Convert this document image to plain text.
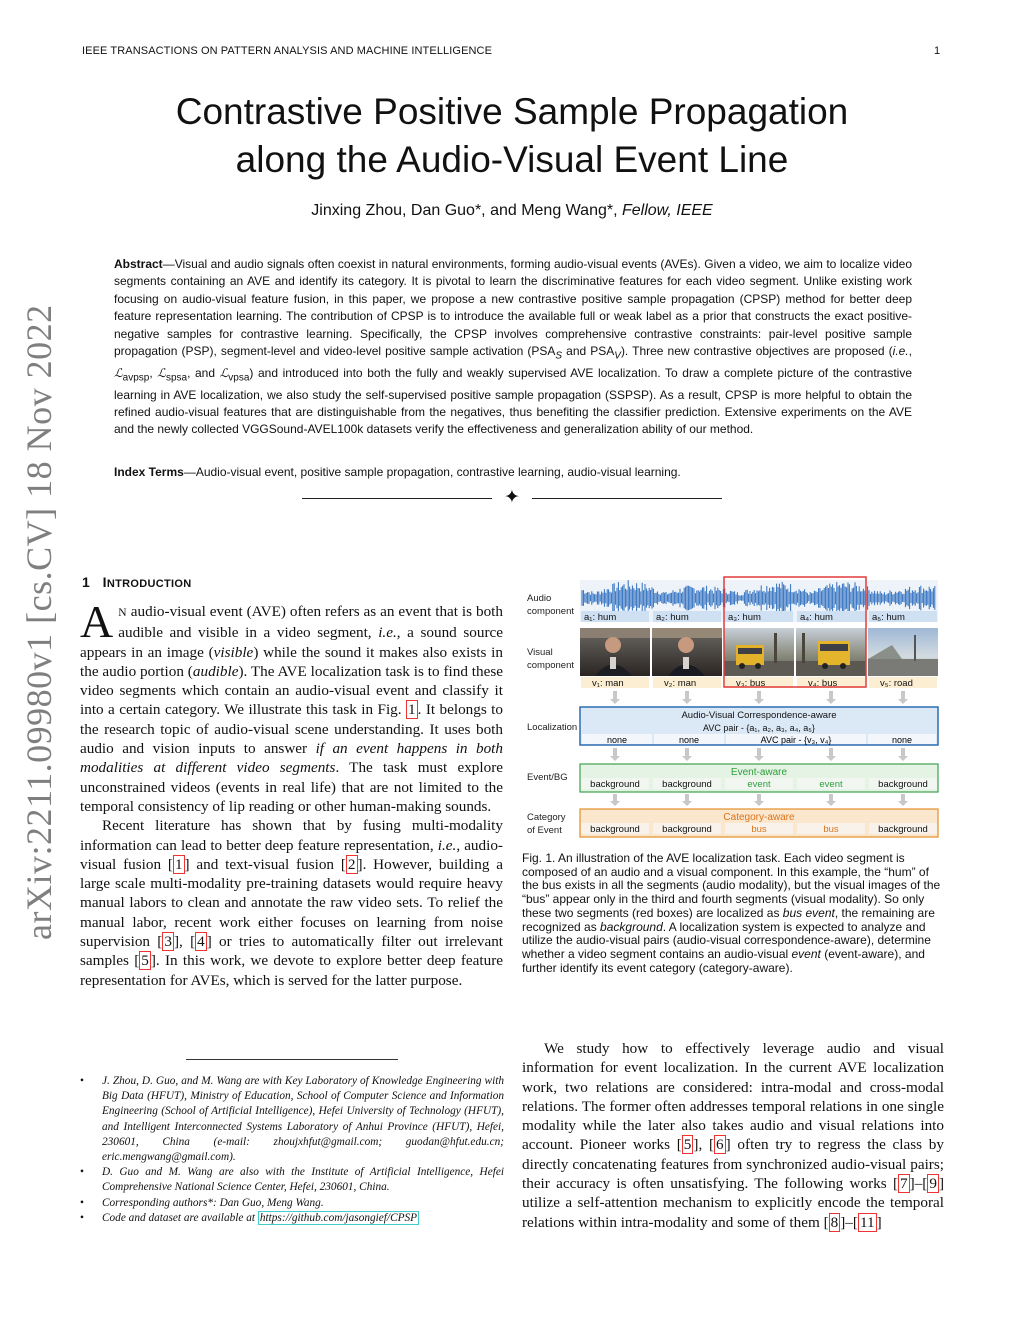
IEEE TRANSACTIONS ON PATTERN ANALYSIS AND MACHINE INTELLIGENCE	1
arXiv:2211.09980v1 [cs.CV] 18 Nov 2022
Contrastive Positive Sample Propagation
along the Audio-Visual Event Line
Jinxing Zhou, Dan Guo*, and Meng Wang*, Fellow, IEEE
Abstract—Visual and audio signals often coexist in natural environments, forming audio-visual events (AVEs). Given a video, we aim to localize video segments containing an AVE and identify its category. It is pivotal to learn the discriminative features for each video segment. Unlike existing work focusing on audio-visual feature fusion, in this paper, we propose a new contrastive positive sample propagation (CPSP) method for better deep feature representation learning. The contribution of CPSP is to introduce the available full or weak label as a prior that constructs the exact positive-negative samples for contrastive learning. Specifically, the CPSP involves comprehensive contrastive constraints: pair-level positive sample propagation (PSP), segment-level and video-level positive sample activation ($PSA_S$ and $PSA_V$). Three new contrastive objectives are proposed (i.e., ℒ$_{avpsp}$, ℒ$_{spsa}$, and ℒ$_{vpsa}$) and introduced into both the fully and weakly supervised AVE localization. To draw a complete picture of the contrastive learning in AVE localization, we also study the self-supervised positive sample propagation (SSPSP). As a result, CPSP is more helpful to obtain the refined audio-visual features that are distinguishable from the negatives, thus benefiting the classifier prediction. Extensive experiments on the AVE and the newly collected VGGSound-AVEL100k datasets verify the effectiveness and generalization ability of our method.
Index Terms—Audio-visual event, positive sample propagation, contrastive learning, audio-visual learning.
✦
1 INTRODUCTION

A N audio-visual event (AVE) often refers as an event that is both audible and visible in a video segment, i.e., a sound source appears in an image (visible) while the sound it makes also exists in the audio portion (audible). The AVE localization task is to find these video segments which contain an audio-visual event and classify it into a certain category. We illustrate this task in Fig. 1 . It belongs to the research topic of audio-visual scene understanding. It uses both audio and vision inputs to answer if an event happens in both modalities at different video segments. The task must explore unconstrained videos (events in real life) that are not limited to the temporal consistency of lip reading or other human-making sounds.

Recent literature has shown that by fusing multi-modality information can lead to better deep feature representation, i.e., audio-visual fusion [ 1 ] and text-visual fusion [ 2 ]. However, building a large scale multi-modality pre-training datasets would require heavy manual labors to clean and annotate the raw video sets. To relief the manual labor, recent work either focuses on learning from noise supervision [ 3 ], [ 4 ] or tries to automatically filter out irrelevant samples [ 5 ]. In this work, we devote to explore better deep feature representation for AVEs, which is served for the latter purpose.

• J. Zhou, D. Guo, and M. Wang are with Key Laboratory of Knowledge Engineering with Big Data (HFUT), Ministry of Education, School of Computer Science and Information Engineering (School of Artificial Intelligence), Hefei University of Technology (HFUT), and Intelligent Interconnected Systems Laboratory of Anhui Province (HFUT), Hefei, 230601, China (e-mail: zhoujxhfut@gmail.com; guodan@hfut.edu.cn; eric.mengwang@gmail.com).
• D. Guo and M. Wang are also with the Institute of Artificial Intelligence, Hefei Comprehensive National Science Center, Hefei, 230601, China.
• Corresponding authors*: Dan Guo, Meng Wang.
• Code and dataset are available at https://github.com/jasongief/CPSP
Audio
component
Visual
component
Localization
Event/BG
Category
of Event
a₁: hum	a₂: hum	a₃: hum	a₄: hum	a₅: hum
v₁: man	v₂: man	v₃: bus	v₄: bus	v₅: road
Audio-Visual Correspondence-aware
AVC pair - {a₁, a₂, a₃, a₄, a₅}
none	none	AVC pair - {v₃, v₄}	none
Event-aware
background background	event	event	background
Category-aware
background background	bus	bus	background
Fig. 1. An illustration of the AVE localization task. Each video segment is composed of an audio and a visual component. In this example, the “hum” of the bus exists in all the segments (audio modality), but the visual images of the “bus” appear only in the third and fourth segments (visual modality). So only these two segments (red boxes) are localized as bus event, the remaining are recognized as background. A localization system is expected to analyze and utilize the audio-visual pairs (audio-visual correspondence-aware), determine whether a video segment contains an audio-visual event (event-aware), and further identify its event category (category-aware).

We study how to effectively leverage audio and visual information for event localization. In the current AVE localization work, two relations are considered: intra-modal and cross-modal relations. The former often addresses temporal relations in one single modality while the later also takes audio and visual relations into account. Pioneer works [ 5 ], [ 6 ] often try to regress the class by directly concatenating features from synchronized audio-visual pairs; their accuracy is often unsatisfying. The following works [ 7 ]–[ 9 ] utilize a self-attention mechanism to explicitly encode the temporal relations within intra-modality and some of them [ 8 ]–[ 11 ]
